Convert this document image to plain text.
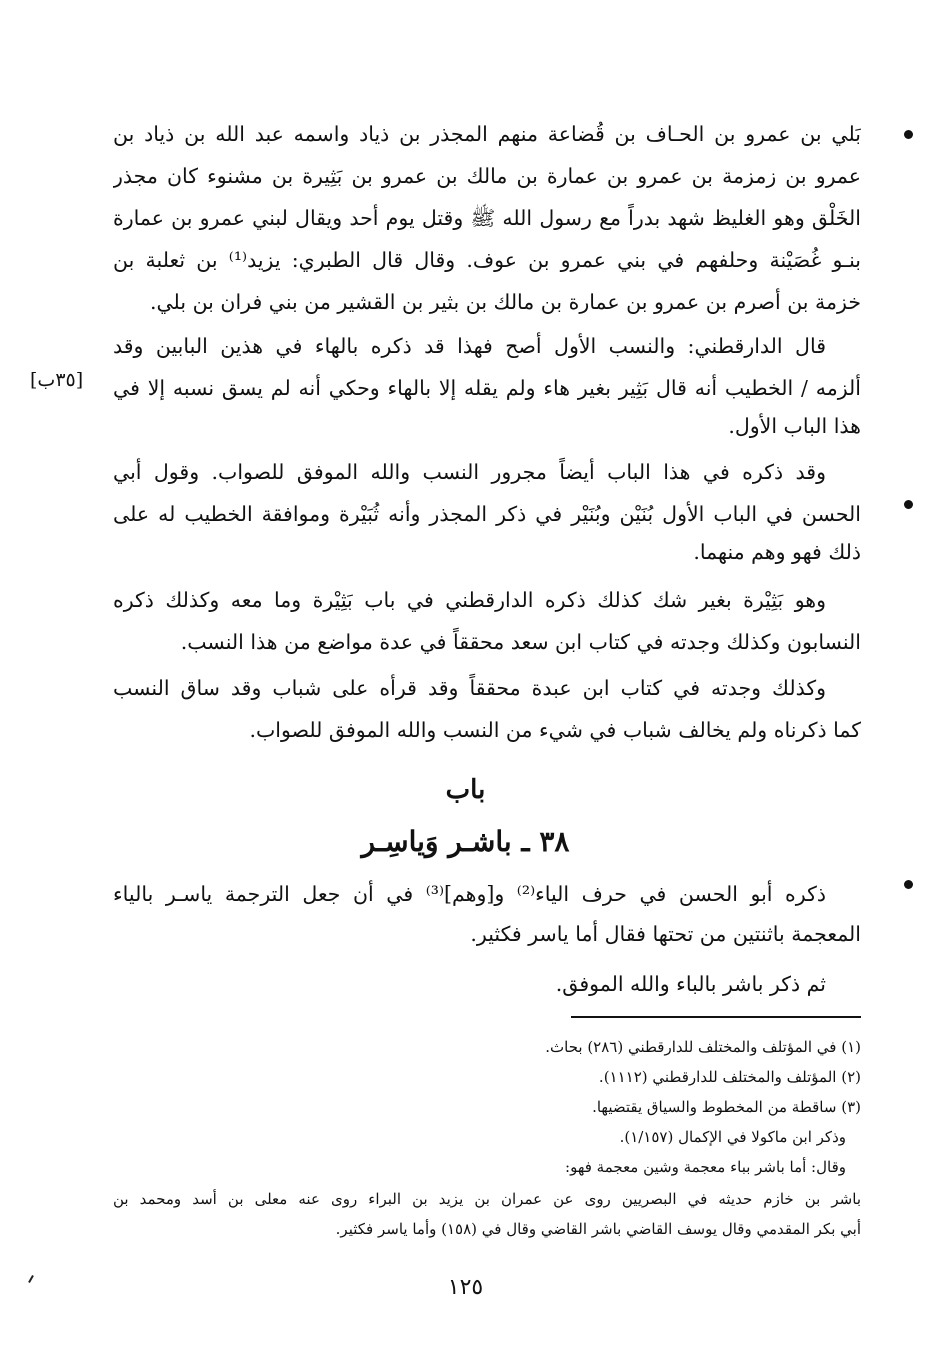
بَلي بن عمرو بن الحـاف بن قُضاعة منهم المجذر بن ذياد واسمه عبد الله بن ذياد بن
عمرو بن زمزمة بن عمرو بن عمارة بن مالك بن عمرو بن بَثِيرة بن مشنوء كان مجذر
الخَلْق وهو الغليظ شهد بدراً مع رسول الله ﷺ وقتل يوم أحد ويقال لبني عمرو بن عمارة
بنـو غُصَيْنة وحلفهم في بني عمرو بن عوف. وقال قال الطبري: يزيد⁽¹⁾ بن ثعلبة بن
خزمة بن أصرم بن عمرو بن عمارة بن مالك بن بثير بن القشير من بني فران بن بلي.
قال الدارقطني: والنسب الأول أصح فهذا قد ذكره بالهاء في هذين البابين وقد
ألزمه / الخطيب أنه قال بَثِير بغير هاء ولم يقله إلا بالهاء وحكي أنه لم يسق نسبه إلا في
هذا الباب الأول.
[٣٥ب]
وقد ذكره في هذا الباب أيضاً مجرور النسب والله الموفق للصواب. وقول أبي
الحسن في الباب الأول بُنَيْن وبُنَيْر في ذكر المجذر وأنه ثُبَيْرة وموافقة الخطيب له على
ذلك فهو وهم منهما.
وهو بَثِيْرة بغير شك كذلك ذكره الدارقطني في باب بَثِيْرة وما معه وكذلك ذكره
النسابون وكذلك وجدته في كتاب ابن سعد محققاً في عدة مواضع من هذا النسب.
وكذلك وجدته في كتاب ابن عبدة محققاً وقد قرأه على شباب وقد ساق النسب
كما ذكرناه ولم يخالف شباب في شيء من النسب والله الموفق للصواب.
باب
٣٨ ـ باشـر وَياسِـر
ذكره أبو الحسن في حرف الياء⁽²⁾ و[وهم]⁽³⁾ في أن جعل الترجمة ياسـر بالياء
المعجمة باثنتين من تحتها فقال أما ياسر فكثير.
ثم ذكر باشر بالباء والله الموفق.
(١) في المؤتلف والمختلف للدارقطني (٢٨٦) بحاث.
(٢) المؤتلف والمختلف للدارقطني (١١١٢).
(٣) ساقطة من المخطوط والسياق يقتضيها.
وذكر ابن ماكولا في الإكمال (١/١٥٧).
وقال: أما باشر بباء معجمة وشين معجمة فهو:
باشر بن خازم حديثه في البصريين روى عن عمران بن يزيد بن البراء روى عنه معلى بن أسد ومحمد بن
أبي بكر المقدمي وقال يوسف القاضي باشر القاضي وقال في (١٥٨) وأما ياسر فكثير.
١٢٥
